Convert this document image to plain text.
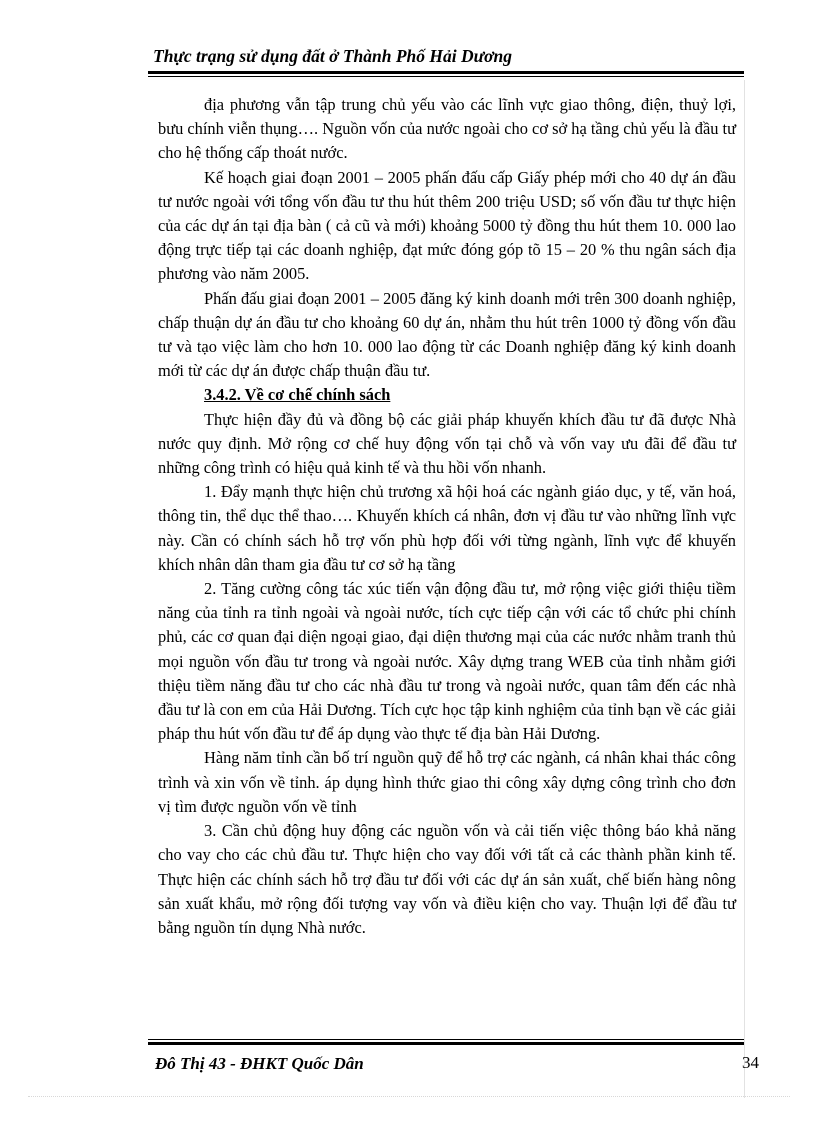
Thực trạng sử dụng đất ở Thành Phố Hải Dương

địa phương vẫn tập trung chủ yếu vào các lĩnh vực giao thông, điện, thuỷ lợi, bưu chính viễn thụng…. Nguồn vốn của nước ngoài cho cơ sở hạ tầng chủ yếu là đầu tư cho hệ thống cấp thoát nước.

Kế hoạch giai đoạn 2001 – 2005 phấn đấu cấp Giấy phép mới cho 40 dự án đầu tư nước ngoài với tổng vốn đầu tư thu hút thêm 200 triệu USD; số vốn đầu tư thực hiện của các dự án tại địa bàn ( cả cũ và mới) khoảng 5000 tỷ đồng thu hút them 10. 000 lao động trực tiếp tại các doanh nghiệp, đạt mức đóng góp tõ 15 – 20 % thu ngân sách địa phương vào năm 2005.

Phấn đấu giai đoạn 2001 – 2005 đăng ký kinh doanh mới trên 300 doanh nghiệp, chấp thuận dự án đầu tư cho khoảng 60 dự án, nhằm thu hút trên 1000 tỷ đồng vốn đầu tư và tạo việc làm cho hơn 10. 000 lao động từ các Doanh nghiệp đăng ký kinh doanh mới từ các dự án được chấp thuận đầu tư.

3.4.2. Về cơ chế chính sách

Thực hiện đầy đủ và đồng bộ các giải pháp khuyến khích đầu tư đã được Nhà nước quy định. Mở rộng cơ chế huy động vốn tại chỗ và vốn vay ưu đãi để đầu tư những công trình có hiệu quả kinh tế và thu hồi vốn nhanh.

1. Đẩy mạnh thực hiện chủ trương xã hội hoá các ngành giáo dục, y tế, văn hoá, thông tin, thể dục thể thao…. Khuyến khích cá nhân, đơn vị đầu tư vào những lĩnh vực này. Cần có chính sách hỗ trợ vốn phù hợp đối với từng ngành, lĩnh vực để khuyến khích nhân dân tham gia đầu tư cơ sở hạ tầng

2. Tăng cường công tác xúc tiến vận động đầu tư, mở rộng việc giới thiệu tiềm năng của tỉnh ra tỉnh ngoài và ngoài nước, tích cực tiếp cận với các tổ chức phi chính phủ, các cơ quan đại diện ngoại giao, đại diện thương mại của các nước nhằm tranh thủ mọi nguồn vốn đầu tư trong và ngoài nước. Xây dựng trang WEB của tỉnh nhằm giới thiệu tiềm năng đầu tư cho các nhà đầu tư trong và ngoài nước, quan tâm đến các nhà đầu tư là con em của Hải Dương. Tích cực học tập kinh nghiệm của tỉnh bạn về các giải pháp thu hút vốn đầu tư để áp dụng vào thực tế địa bàn Hải Dương.

Hàng năm tỉnh cần bố trí nguồn quỹ để hỗ trợ các ngành, cá nhân khai thác công trình và xin vốn về tỉnh. áp dụng hình thức giao thi công xây dựng công trình cho đơn vị tìm được nguồn vốn về tỉnh

3. Cần chủ động huy động các nguồn vốn và cải tiến việc thông báo khả năng cho vay cho các chủ đầu tư. Thực hiện cho vay đối với tất cả các thành phần kinh tế. Thực hiện các chính sách hỗ trợ đầu tư đối với các dự án sản xuất, chế biến hàng nông sản xuất khẩu, mở rộng đối tượng vay vốn và điều kiện cho vay. Thuận lợi để đầu tư bằng nguồn tín dụng Nhà nước.

Đô Thị 43 - ĐHKT Quốc Dân	34
